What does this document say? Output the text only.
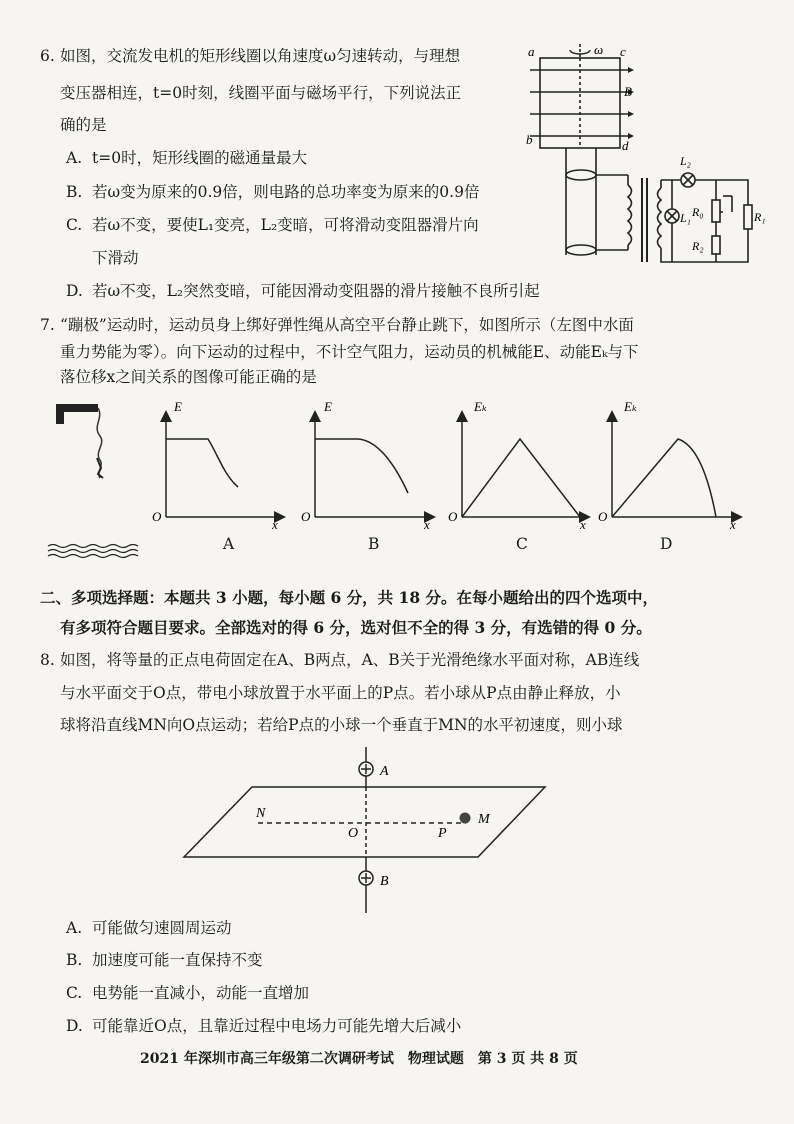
6. 如图，交流发电机的矩形线圈以角速度ω匀速转动，与理想
变压器相连，t=0时刻，线圈平面与磁场平行，下列说法正
确的是
A. t=0时，矩形线圈的磁通量最大
B. 若ω变为原来的0.9倍，则电路的总功率变为原来的0.9倍
C. 若ω不变，要使L₁变亮，L₂变暗，可将滑动变阻器滑片向
下滑动
D. 若ω不变，L₂突然变暗，可能因滑动变阻器的滑片接触不良所引起
ω
a	c
B
b	d
L₂
L₁ R₀	R₁
R₂
7. “蹦极”运动时，运动员身上绑好弹性绳从高空平台静止跳下，如图所示（左图中水面
重力势能为零）。向下运动的过程中，不计空气阻力，运动员的机械能E、动能Eₖ与下
落位移x之间关系的图像可能正确的是
E
O
x
E
O
x
Eₖ
O
x
Eₖ
O
x
A	B	C	D
二、多项选择题：本题共 3 小题，每小题 6 分，共 18 分。在每小题给出的四个选项中，
有多项符合题目要求。全部选对的得 6 分，选对但不全的得 3 分，有选错的得 0 分。
8. 如图，将等量的正点电荷固定在A、B两点，A、B关于光滑绝缘水平面对称，AB连线
与水平面交于O点，带电小球放置于水平面上的P点。若小球从P点由静止释放，小
球将沿直线MN向O点运动；若给P点的小球一个垂直于MN的水平初速度，则小球
A
B
N
O	P
M
A. 可能做匀速圆周运动
B. 加速度可能一直保持不变
C. 电势能一直减小，动能一直增加
D. 可能靠近O点，且靠近过程中电场力可能先增大后减小
2021 年深圳市高三年级第二次调研考试　物理试题　第 3 页 共 8 页
